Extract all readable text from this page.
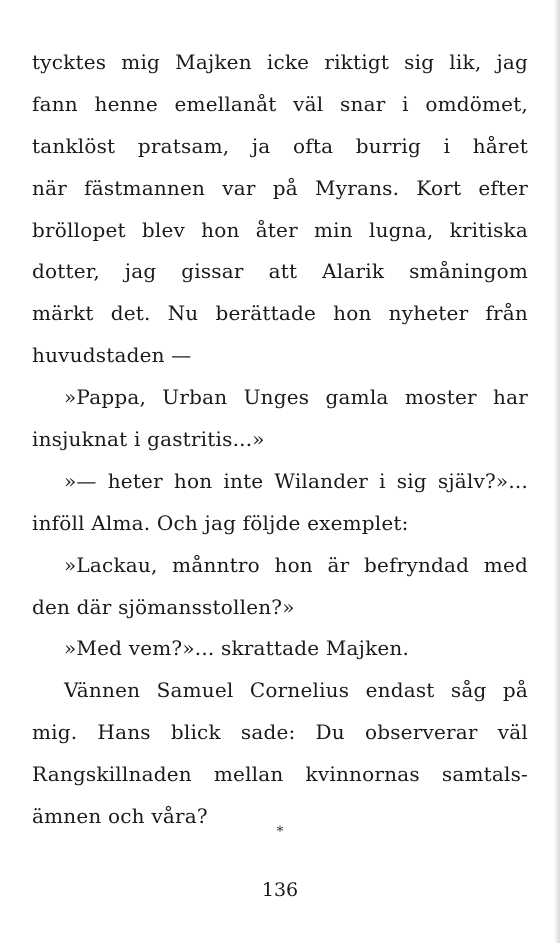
tycktes mig Majken icke riktigt sig lik, jag
fann henne emellanåt väl snar i omdömet,
tanklöst pratsam, ja ofta burrig i håret
när fästmannen var på Myrans. Kort efter
bröllopet blev hon åter min lugna, kritiska
dotter, jag gissar att Alarik småningom
märkt det. Nu berättade hon nyheter från
huvudstaden —
»Pappa, Urban Unges gamla moster har
insjuknat i gastritis...»
»— heter hon inte Wilander i sig själv?»...
inföll Alma. Och jag följde exemplet:
»Lackau, månntro hon är befryndad med
den där sjömansstollen?»
»Med vem?»... skrattade Majken.
Vännen Samuel Cornelius endast såg på
mig. Hans blick sade: Du observerar väl
Rangskillnaden mellan kvinnornas samtals-
ämnen och våra?
*
136
